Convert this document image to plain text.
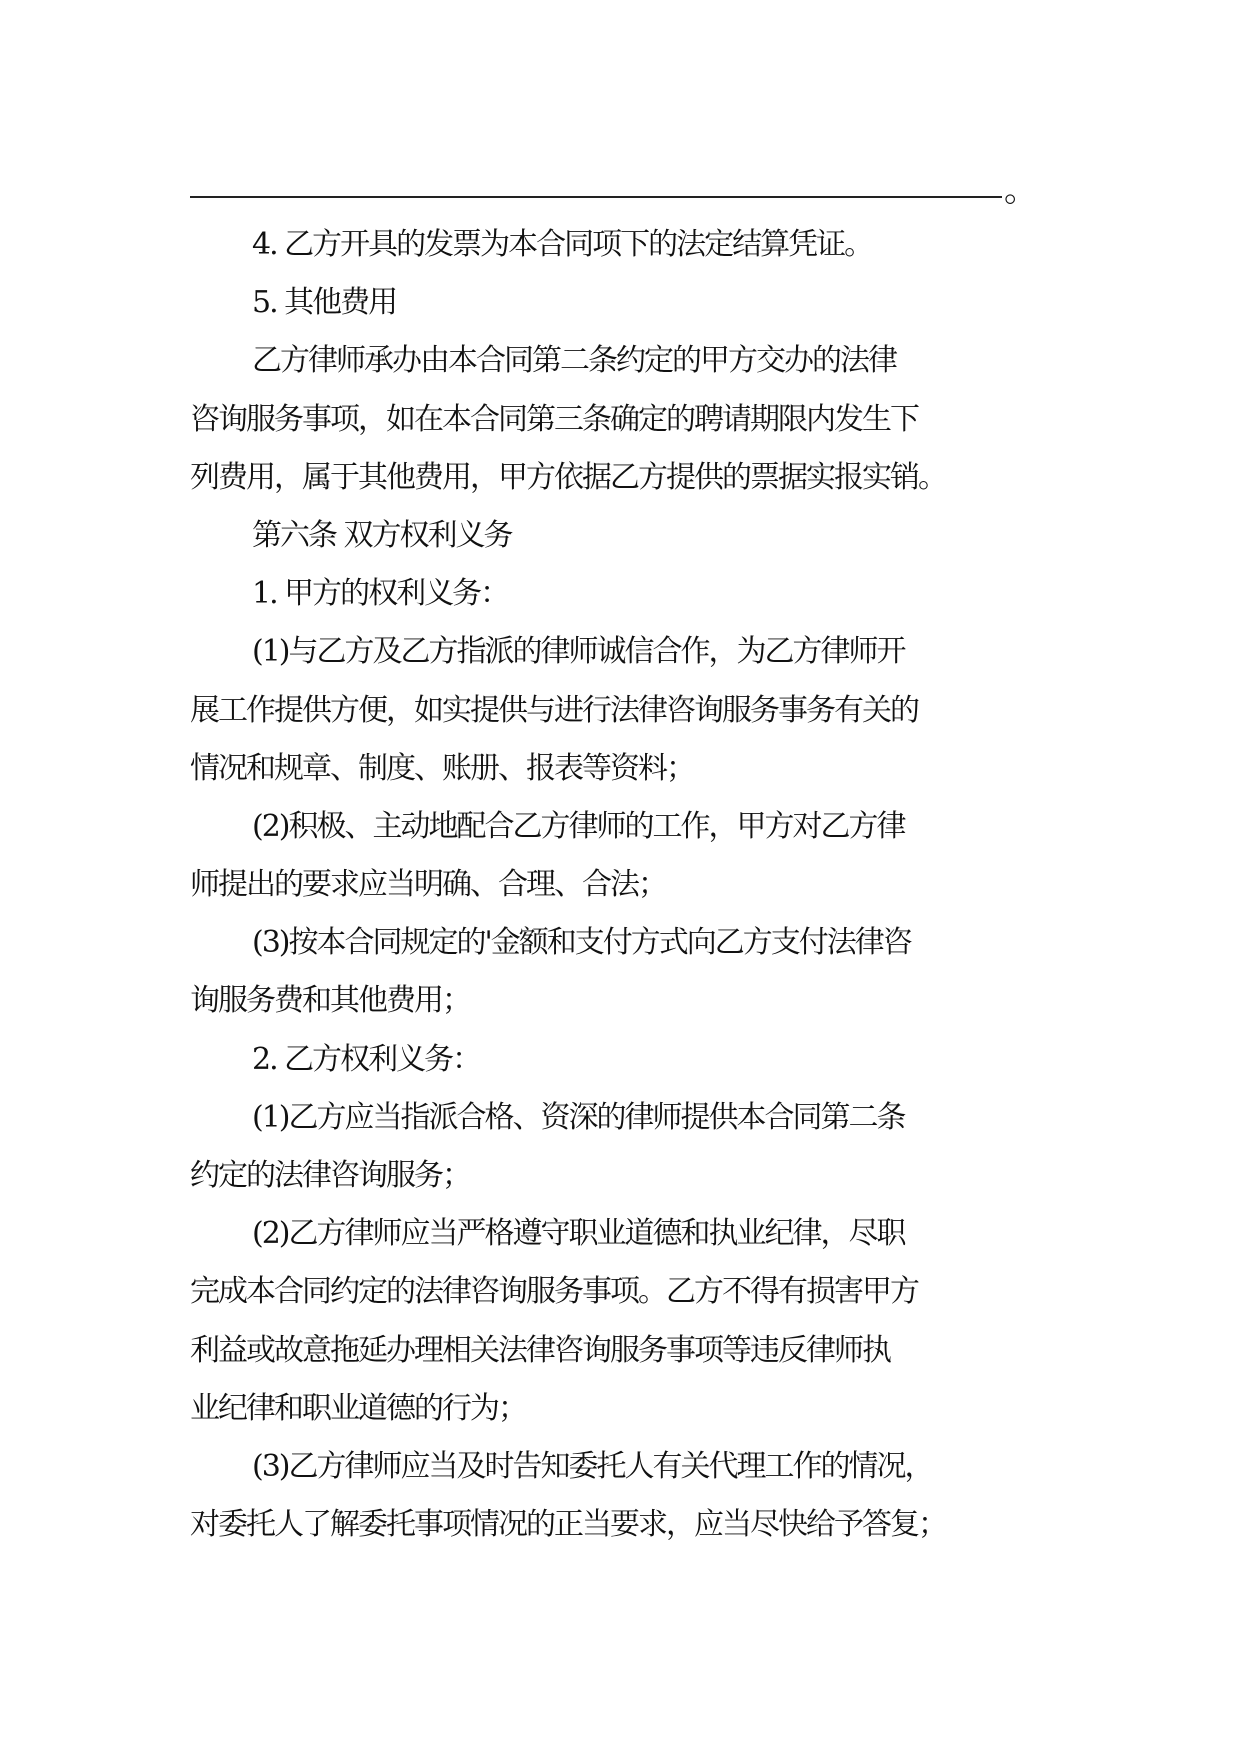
。
4. 乙方开具的发票为本合同项下的法定结算凭证。
5. 其他费用
乙方律师承办由本合同第二条约定的甲方交办的法律
咨询服务事项，如在本合同第三条确定的聘请期限内发生下
列费用，属于其他费用，甲方依据乙方提供的票据实报实销。
第六条 双方权利义务
1. 甲方的权利义务：
(1)与乙方及乙方指派的律师诚信合作，为乙方律师开
展工作提供方便，如实提供与进行法律咨询服务事务有关的
情况和规章、制度、账册、报表等资料；
(2)积极、主动地配合乙方律师的工作，甲方对乙方律
师提出的要求应当明确、合理、合法；
(3)按本合同规定的'金额和支付方式向乙方支付法律咨
询服务费和其他费用；
2. 乙方权利义务：
(1)乙方应当指派合格、资深的律师提供本合同第二条
约定的法律咨询服务；
(2)乙方律师应当严格遵守职业道德和执业纪律，尽职
完成本合同约定的法律咨询服务事项。乙方不得有损害甲方
利益或故意拖延办理相关法律咨询服务事项等违反律师执
业纪律和职业道德的行为；
(3)乙方律师应当及时告知委托人有关代理工作的情况，
对委托人了解委托事项情况的正当要求，应当尽快给予答复；
